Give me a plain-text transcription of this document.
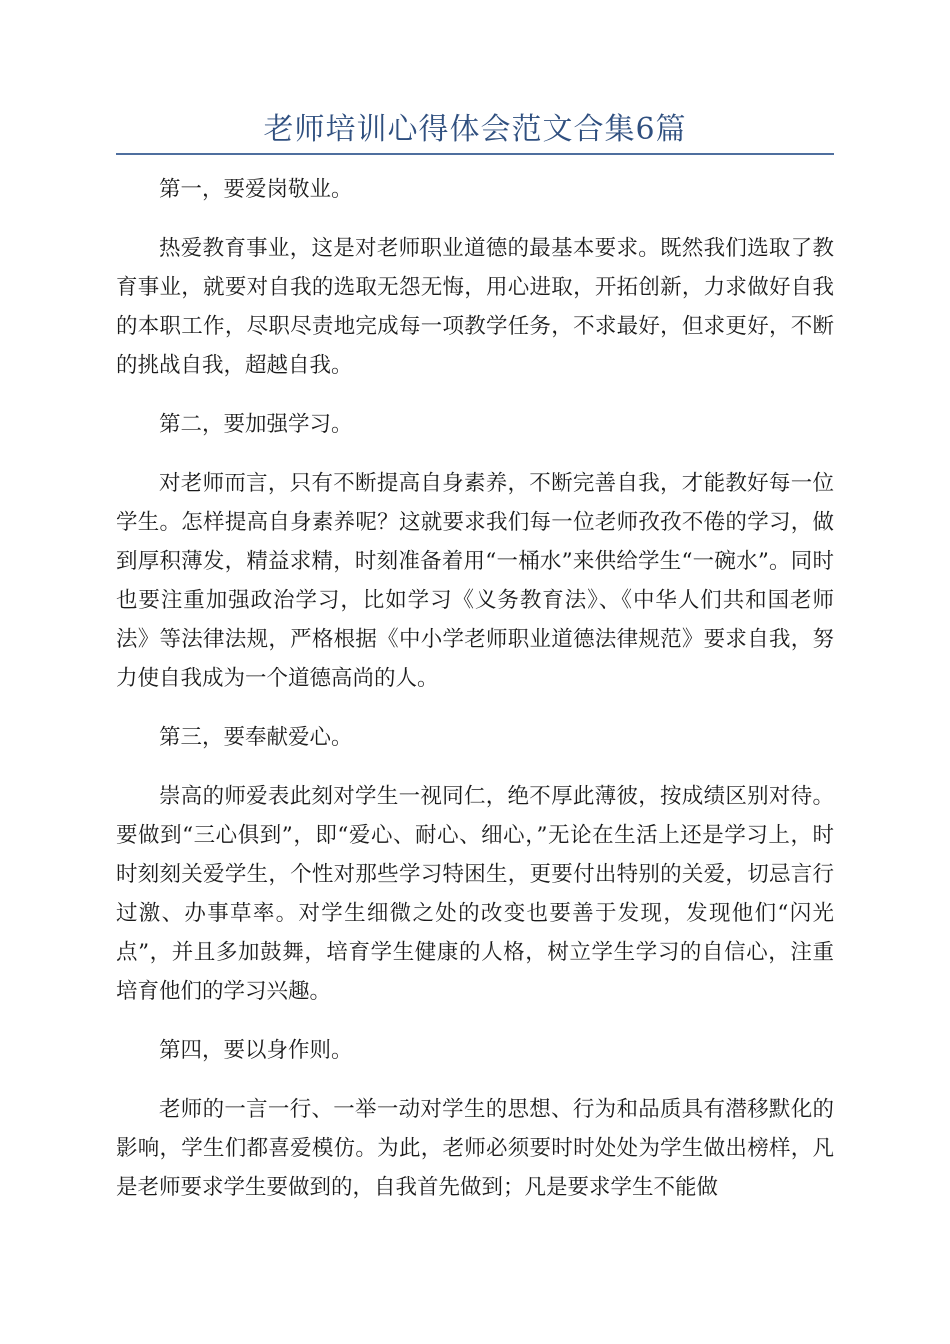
老师培训心得体会范文合集6篇

第一，要爱岗敬业。

热爱教育事业，这是对老师职业道德的最基本要求。既然我们选取了教育事业，就要对自我的选取无怨无悔，用心进取，开拓创新，力求做好自我的本职工作，尽职尽责地完成每一项教学任务，不求最好，但求更好，不断的挑战自我，超越自我。

第二，要加强学习。

对老师而言，只有不断提高自身素养，不断完善自我，才能教好每一位学生。怎样提高自身素养呢？这就要求我们每一位老师孜孜不倦的学习，做到厚积薄发，精益求精，时刻准备着用“一桶水”来供给学生“一碗水”。同时也要注重加强政治学习，比如学习《义务教育法》、《中华人们共和国老师法》等法律法规，严格根据《中小学老师职业道德法律规范》要求自我，努力使自我成为一个道德高尚的人。

第三，要奉献爱心。

崇高的师爱表此刻对学生一视同仁，绝不厚此薄彼，按成绩区别对待。要做到“三心俱到”，即“爱心、耐心、细心，”无论在生活上还是学习上，时时刻刻关爱学生，个性对那些学习特困生，更要付出特别的关爱，切忌言行过激、办事草率。对学生细微之处的改变也要善于发现，发现他们“闪光点”，并且多加鼓舞，培育学生健康的人格，树立学生学习的自信心，注重培育他们的学习兴趣。

第四，要以身作则。

老师的一言一行、一举一动对学生的思想、行为和品质具有潜移默化的影响，学生们都喜爱模仿。为此，老师必须要时时处处为学生做出榜样，凡是老师要求学生要做到的，自我首先做到；凡是要求学生不能做
